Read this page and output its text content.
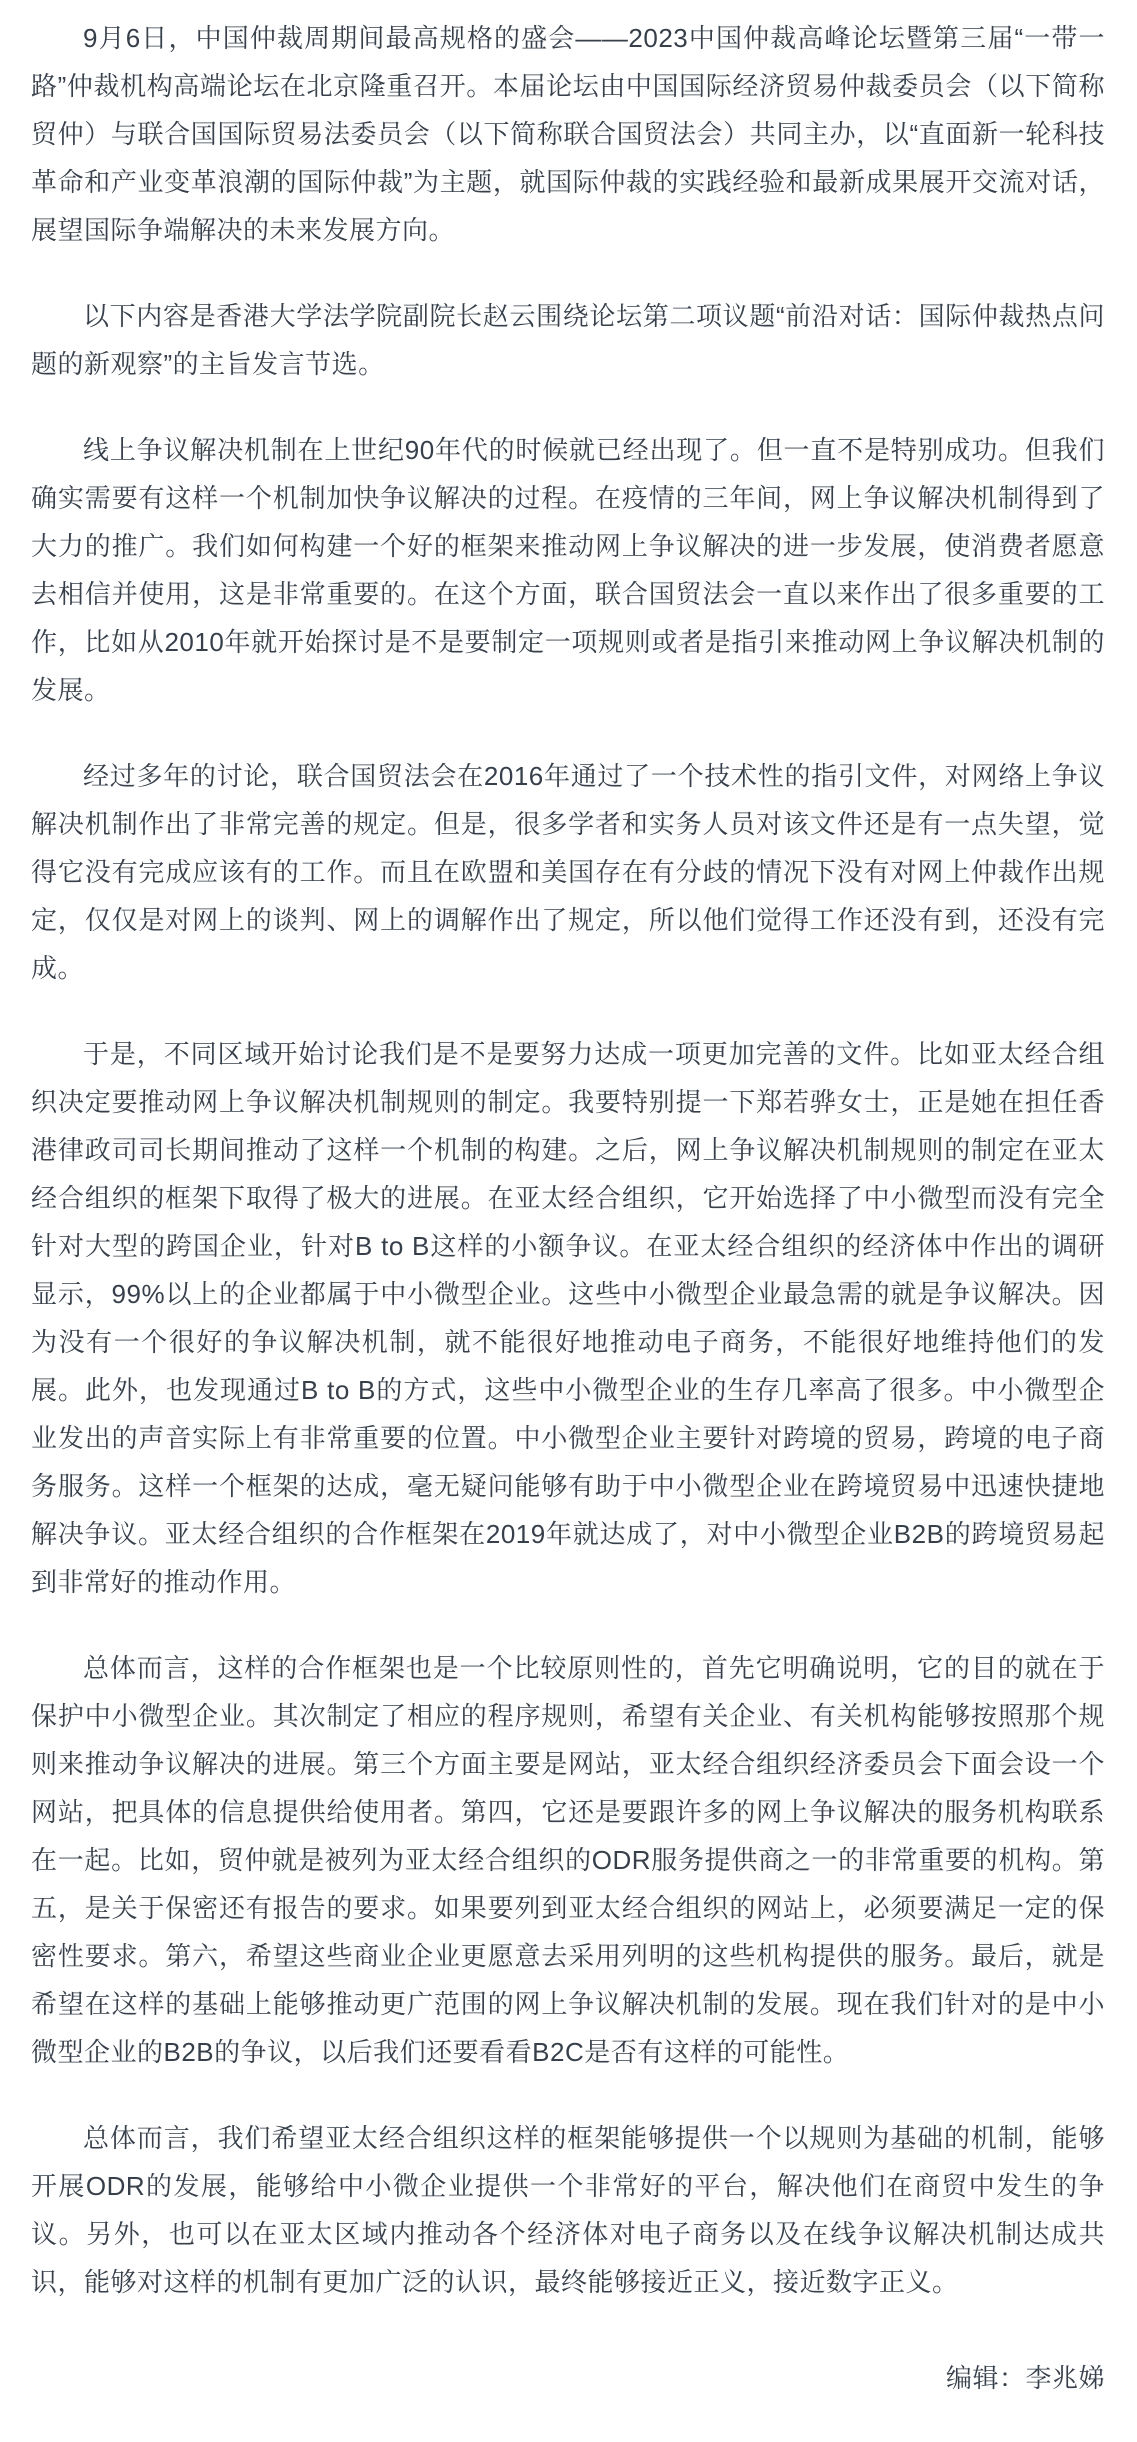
9月6日，中国仲裁周期间最高规格的盛会——2023中国仲裁高峰论坛暨第三届“一带一路”仲裁机构高端论坛在北京隆重召开。本届论坛由中国国际经济贸易仲裁委员会（以下简称贸仲）与联合国国际贸易法委员会（以下简称联合国贸法会）共同主办，以“直面新一轮科技革命和产业变革浪潮的国际仲裁”为主题，就国际仲裁的实践经验和最新成果展开交流对话，展望国际争端解决的未来发展方向。

以下内容是香港大学法学院副院长赵云围绕论坛第二项议题“前沿对话：国际仲裁热点问题的新观察”的主旨发言节选。

线上争议解决机制在上世纪90年代的时候就已经出现了。但一直不是特别成功。但我们确实需要有这样一个机制加快争议解决的过程。在疫情的三年间，网上争议解决机制得到了大力的推广。我们如何构建一个好的框架来推动网上争议解决的进一步发展，使消费者愿意去相信并使用，这是非常重要的。在这个方面，联合国贸法会一直以来作出了很多重要的工作，比如从2010年就开始探讨是不是要制定一项规则或者是指引来推动网上争议解决机制的发展。

经过多年的讨论，联合国贸法会在2016年通过了一个技术性的指引文件，对网络上争议解决机制作出了非常完善的规定。但是，很多学者和实务人员对该文件还是有一点失望，觉得它没有完成应该有的工作。而且在欧盟和美国存在有分歧的情况下没有对网上仲裁作出规定，仅仅是对网上的谈判、网上的调解作出了规定，所以他们觉得工作还没有到，还没有完成。

于是，不同区域开始讨论我们是不是要努力达成一项更加完善的文件。比如亚太经合组织决定要推动网上争议解决机制规则的制定。我要特别提一下郑若骅女士，正是她在担任香港律政司司长期间推动了这样一个机制的构建。之后，网上争议解决机制规则的制定在亚太经合组织的框架下取得了极大的进展。在亚太经合组织，它开始选择了中小微型而没有完全针对大型的跨国企业，针对B to B这样的小额争议。在亚太经合组织的经济体中作出的调研显示，99%以上的企业都属于中小微型企业。这些中小微型企业最急需的就是争议解决。因为没有一个很好的争议解决机制，就不能很好地推动电子商务，不能很好地维持他们的发展。此外，也发现通过B to B的方式，这些中小微型企业的生存几率高了很多。中小微型企业发出的声音实际上有非常重要的位置。中小微型企业主要针对跨境的贸易，跨境的电子商务服务。这样一个框架的达成，毫无疑问能够有助于中小微型企业在跨境贸易中迅速快捷地解决争议。亚太经合组织的合作框架在2019年就达成了，对中小微型企业B2B的跨境贸易起到非常好的推动作用。

总体而言，这样的合作框架也是一个比较原则性的，首先它明确说明，它的目的就在于保护中小微型企业。其次制定了相应的程序规则，希望有关企业、有关机构能够按照那个规则来推动争议解决的进展。第三个方面主要是网站，亚太经合组织经济委员会下面会设一个网站，把具体的信息提供给使用者。第四，它还是要跟许多的网上争议解决的服务机构联系在一起。比如，贸仲就是被列为亚太经合组织的ODR服务提供商之一的非常重要的机构。第五，是关于保密还有报告的要求。如果要列到亚太经合组织的网站上，必须要满足一定的保密性要求。第六，希望这些商业企业更愿意去采用列明的这些机构提供的服务。最后，就是希望在这样的基础上能够推动更广范围的网上争议解决机制的发展。现在我们针对的是中小微型企业的B2B的争议，以后我们还要看看B2C是否有这样的可能性。

总体而言，我们希望亚太经合组织这样的框架能够提供一个以规则为基础的机制，能够开展ODR的发展，能够给中小微企业提供一个非常好的平台，解决他们在商贸中发生的争议。另外，也可以在亚太区域内推动各个经济体对电子商务以及在线争议解决机制达成共识，能够对这样的机制有更加广泛的认识，最终能够接近正义，接近数字正义。

编辑：李兆娣
